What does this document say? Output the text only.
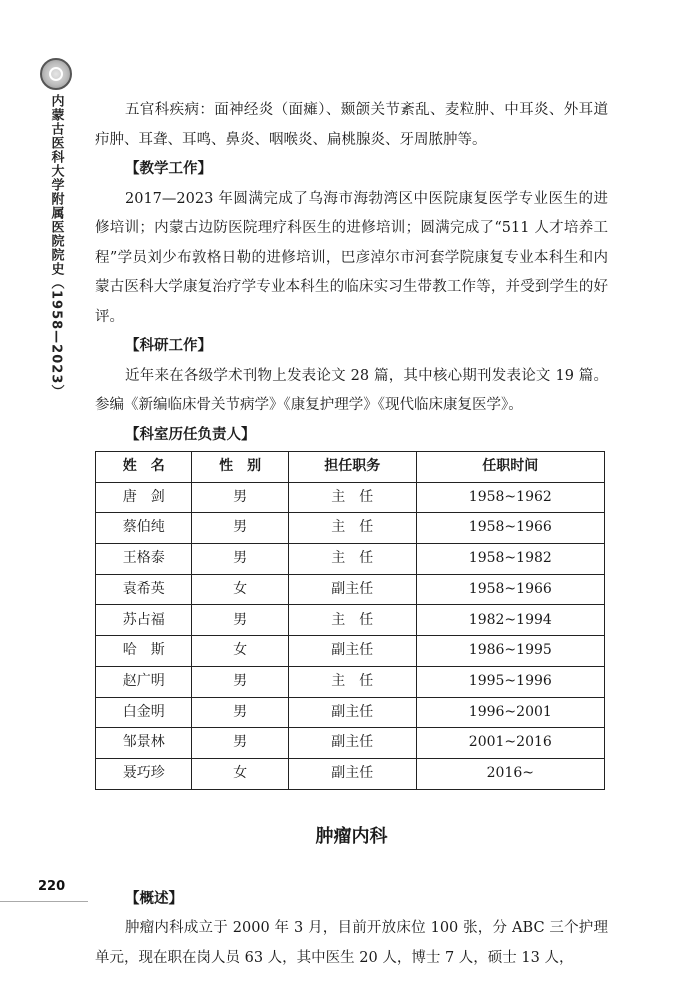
内蒙古医科大学附属医院院史（1958—2023）	五官科疾病：面神经炎（面瘫）、颞颌关节紊乱、麦粒肿、中耳炎、外耳道疖肿、耳聋、耳鸣、鼻炎、咽喉炎、扁桃腺炎、牙周脓肿等。

【教学工作】

2017—2023 年圆满完成了乌海市海勃湾区中医院康复医学专业医生的进修培训；内蒙古边防医院理疗科医生的进修培训；圆满完成了“511 人才培养工程”学员刘少布敦格日勒的进修培训，巴彦淖尔市河套学院康复专业本科生和内蒙古医科大学康复治疗学专业本科生的临床实习生带教工作等，并受到学生的好评。

【科研工作】

近年来在各级学术刊物上发表论文 28 篇，其中核心期刊发表论文 19 篇。参编《新编临床骨关节病学》《康复护理学》《现代临床康复医学》。

【科室历任负责人】

姓　名	性　别	担任职务	任职时间
唐　剑	男	主　任	1958~1962
蔡伯纯	男	主　任	1958~1966
王格泰	男	主　任	1958~1982
袁希英	女	副主任	1958~1966
苏占福	男	主　任	1982~1994
哈　斯	女	副主任	1986~1995
赵广明	男	主　任	1995~1996
白金明	男	副主任	1996~2001
邹景林	男	副主任	2001~2016
聂巧珍	女	副主任	2016~
肿瘤内科

【概述】

肿瘤内科成立于 2000 年 3 月，目前开放床位 100 张，分 ABC 三个护理单元，现在职在岗人员 63 人，其中医生 20 人，博士 7 人，硕士 13 人，

220
